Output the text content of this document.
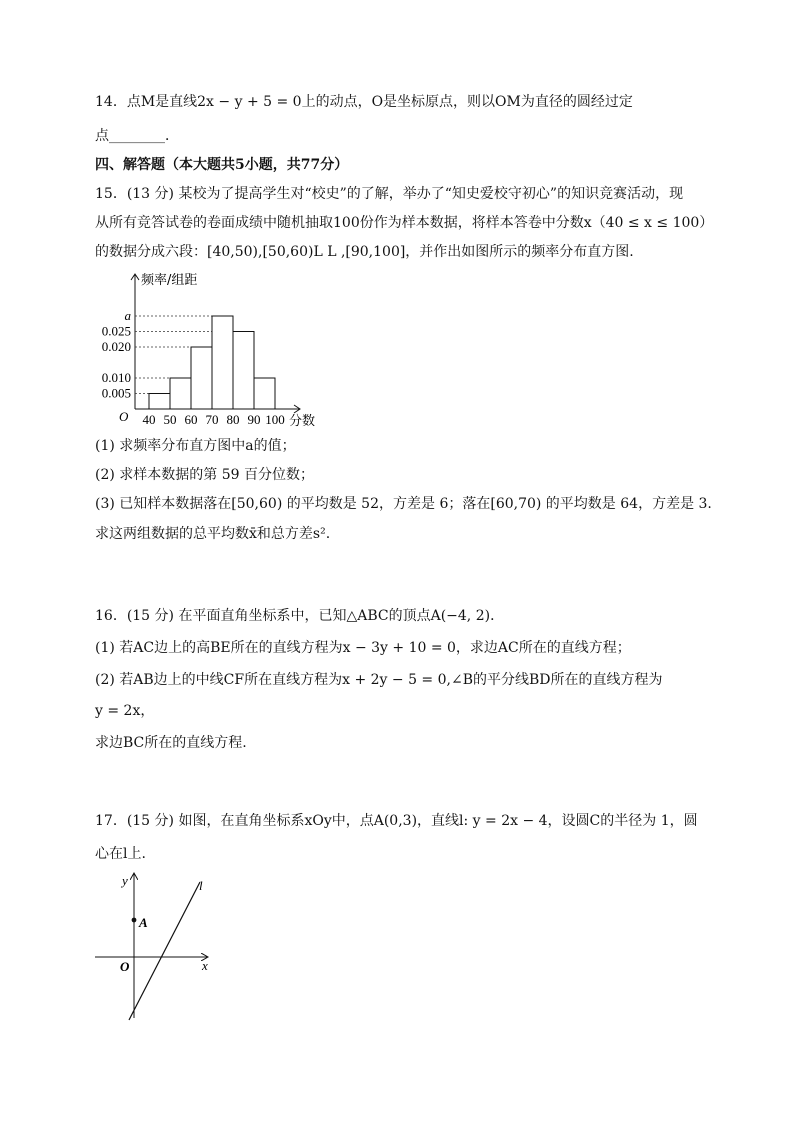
14．点M是直线2x − y + 5 = 0上的动点，O是坐标原点，则以OM为直径的圆经过定
点________．
四、解答题（本大题共5小题，共77分）
15．(13 分) 某校为了提高学生对“校史”的了解，举办了“知史爱校守初心”的知识竞赛活动，现
从所有竞答试卷的卷面成绩中随机抽取100份作为样本数据，将样本答卷中分数x（40 ≤ x ≤ 100）
的数据分成六段：[40,50),[50,60)L L ,[90,100]，并作出如图所示的频率分布直方图.
a
0.025
0.020
0.010
0.005
40 50 60 70 80 90 100
频率/组距
分数
O
(1) 求频率分布直方图中a的值；
(2) 求样本数据的第 59 百分位数；
(3) 已知样本数据落在[50,60) 的平均数是 52，方差是 6；落在[60,70) 的平均数是 64，方差是 3.
求这两组数据的总平均数x̄和总方差s².
16．(15 分) 在平面直角坐标系中，已知△ABC的顶点A(−4, 2)．
(1) 若AC边上的高BE所在的直线方程为x − 3y + 10 = 0，求边AC所在的直线方程；
(2) 若AB边上的中线CF所在直线方程为x + 2y − 5 = 0,∠B的平分线BD所在的直线方程为
y = 2x，
求边BC所在的直线方程.
17．(15 分) 如图，在直角坐标系xOy中，点A(0,3)，直线l: y = 2x − 4，设圆C的半径为 1，圆
心在l上.
y
x
O
A
l
